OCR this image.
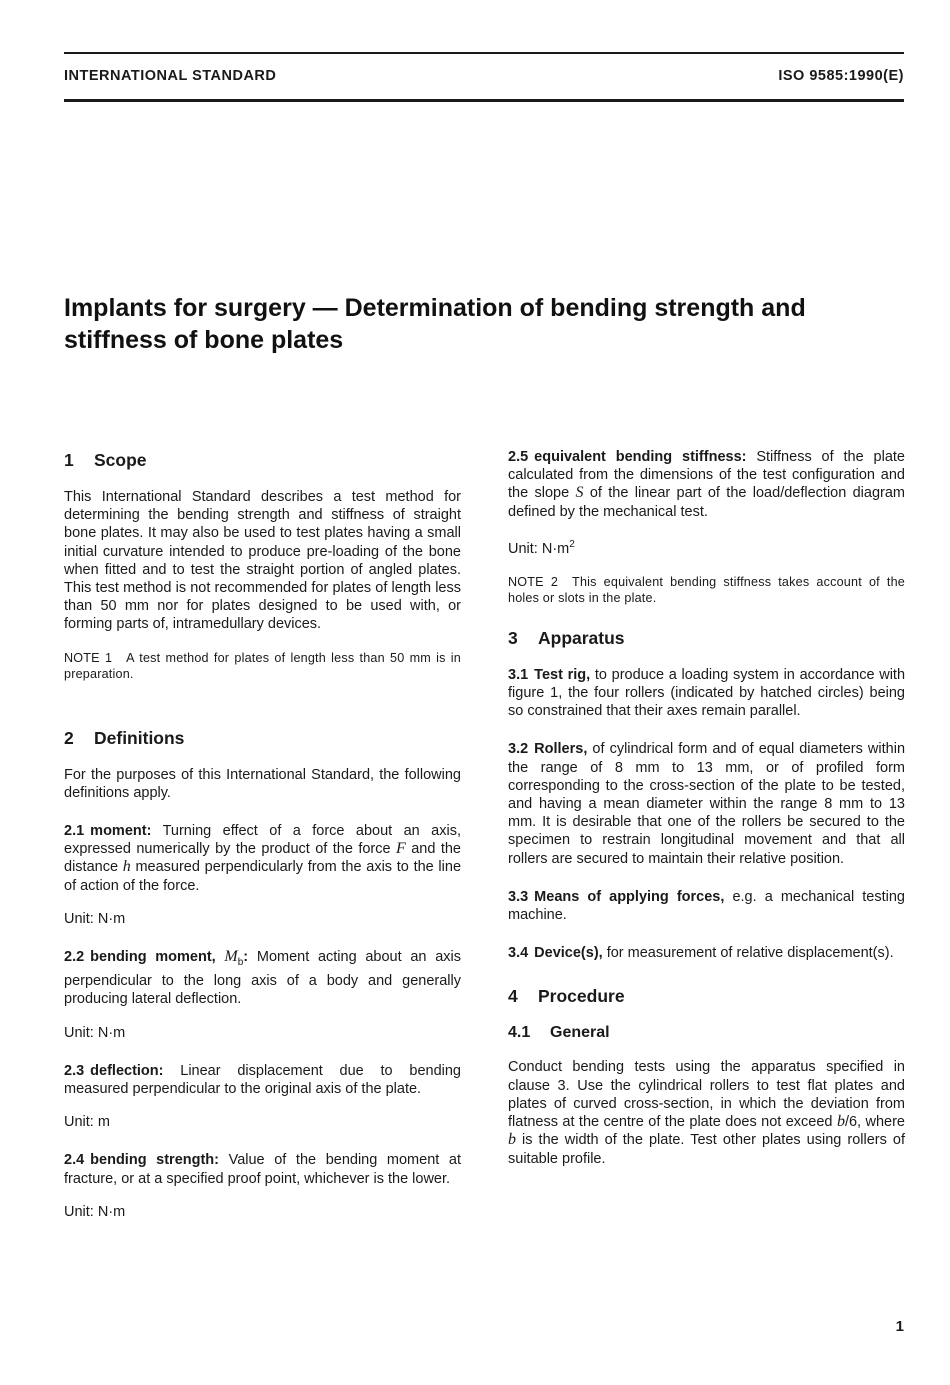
INTERNATIONAL STANDARD	ISO 9585:1990(E)
Implants for surgery — Determination of bending strength and
stiffness of bone plates
1 Scope

This International Standard describes a test method for determining the bending strength and stiffness of straight bone plates. It may also be used to test plates having a small initial curvature intended to produce pre-loading of the bone when fitted and to test the straight portion of angled plates. This test method is not recommended for plates of length less than 50 mm nor for plates designed to be used with, or forming parts of, intramedullary devices.

NOTE 1 A test method for plates of length less than 50 mm is in preparation.

2 Definitions

For the purposes of this International Standard, the following definitions apply.

2.1 moment: Turning effect of a force about an axis, expressed numerically by the product of the force F and the distance h measured perpendicularly from the axis to the line of action of the force.

Unit: N·m

2.2 bending moment, $M_b$: Moment acting about an axis perpendicular to the long axis of a body and generally producing lateral deflection.

Unit: N·m

2.3 deflection: Linear displacement due to bending measured perpendicular to the original axis of the plate.

Unit: m

2.4 bending strength: Value of the bending moment at fracture, or at a specified proof point, whichever is the lower.

Unit: N·m

2.5 equivalent bending stiffness: Stiffness of the plate calculated from the dimensions of the test configuration and the slope S of the linear part of the load/deflection diagram defined by the mechanical test.

Unit: $N\cdot m^2$

NOTE 2 This equivalent bending stiffness takes account of the holes or slots in the plate.

3 Apparatus

3.1 Test rig, to produce a loading system in accordance with figure 1, the four rollers (indicated by hatched circles) being so constrained that their axes remain parallel.

3.2 Rollers, of cylindrical form and of equal diameters within the range of 8 mm to 13 mm, or of profiled form corresponding to the cross-section of the plate to be tested, and having a mean diameter within the range 8 mm to 13 mm. It is desirable that one of the rollers be secured to the specimen to restrain longitudinal movement and that all rollers are secured to maintain their relative position.

3.3 Means of applying forces, e.g. a mechanical testing machine.

3.4 Device(s), for measurement of relative displacement(s).

4 Procedure
4.1 General

Conduct bending tests using the apparatus specified in clause 3. Use the cylindrical rollers to test flat plates and plates of curved cross-section, in which the deviation from flatness at the centre of the plate does not exceed b/6, where b is the width of the plate. Test other plates using rollers of suitable profile.

1
